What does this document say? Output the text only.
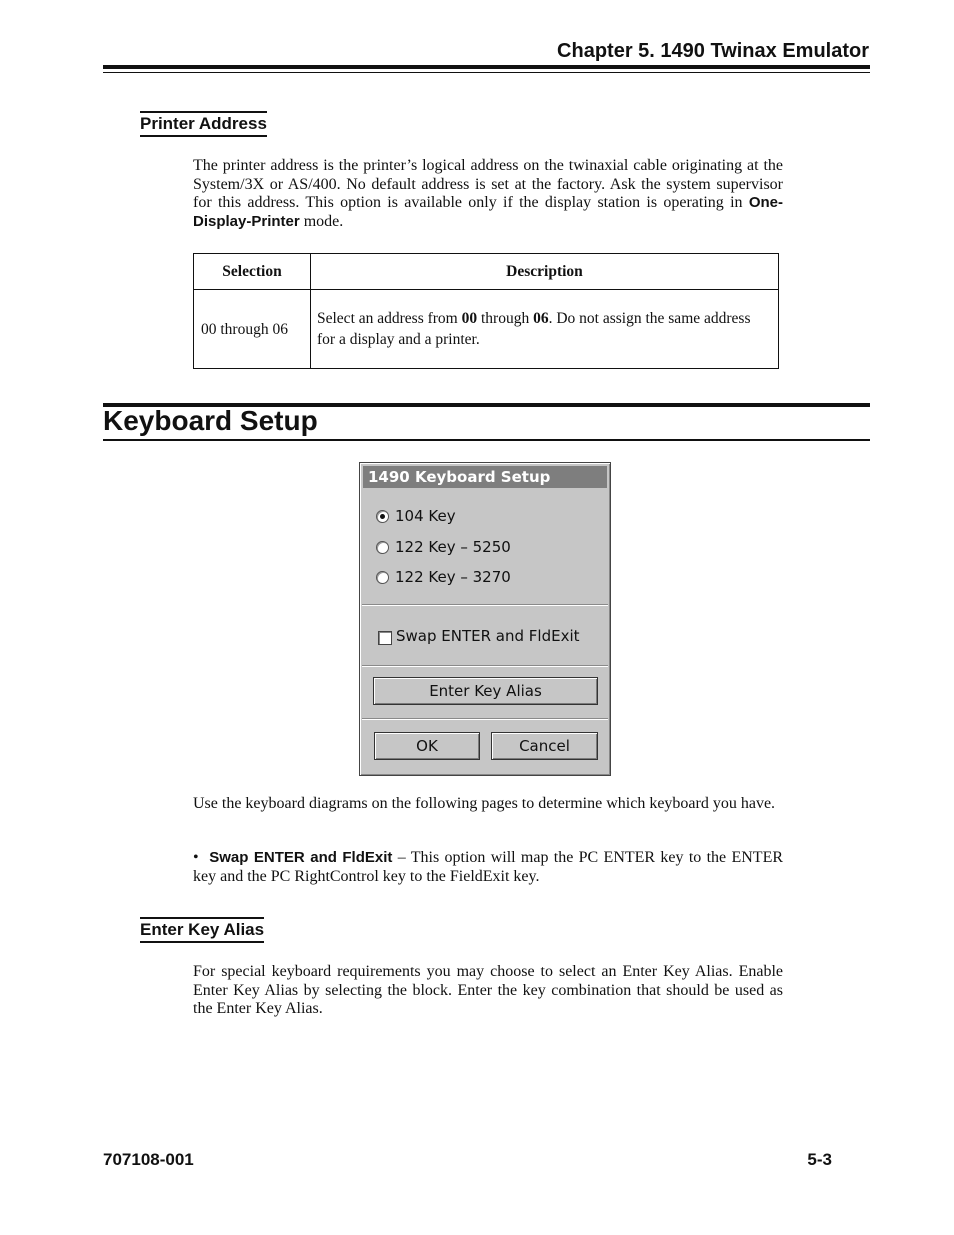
Chapter 5. 1490 Twinax Emulator
Printer Address
The printer address is the printer’s logical address on the twinaxial cable originating at the System/3X or AS/400. No default address is set at the factory. Ask the system supervisor for this address. This option is available only if the display station is operating in One-Display-Printer mode.
Selection	Description
00 through 06	Select an address from 00 through 06. Do not assign the same address for a display and a printer.
Keyboard Setup
1490 Keyboard Setup
104 Key
122 Key – 5250
122 Key – 3270
Swap ENTER and FldExit
Enter Key Alias
OK	Cancel
Use the keyboard diagrams on the following pages to determine which keyboard you have.
• Swap ENTER and FldExit – This option will map the PC ENTER key to the ENTER key and the PC RightControl key to the FieldExit key.
Enter Key Alias
For special keyboard requirements you may choose to select an Enter Key Alias. Enable Enter Key Alias by selecting the block. Enter the key combination that should be used as the Enter Key Alias.
707108-001	5-3
